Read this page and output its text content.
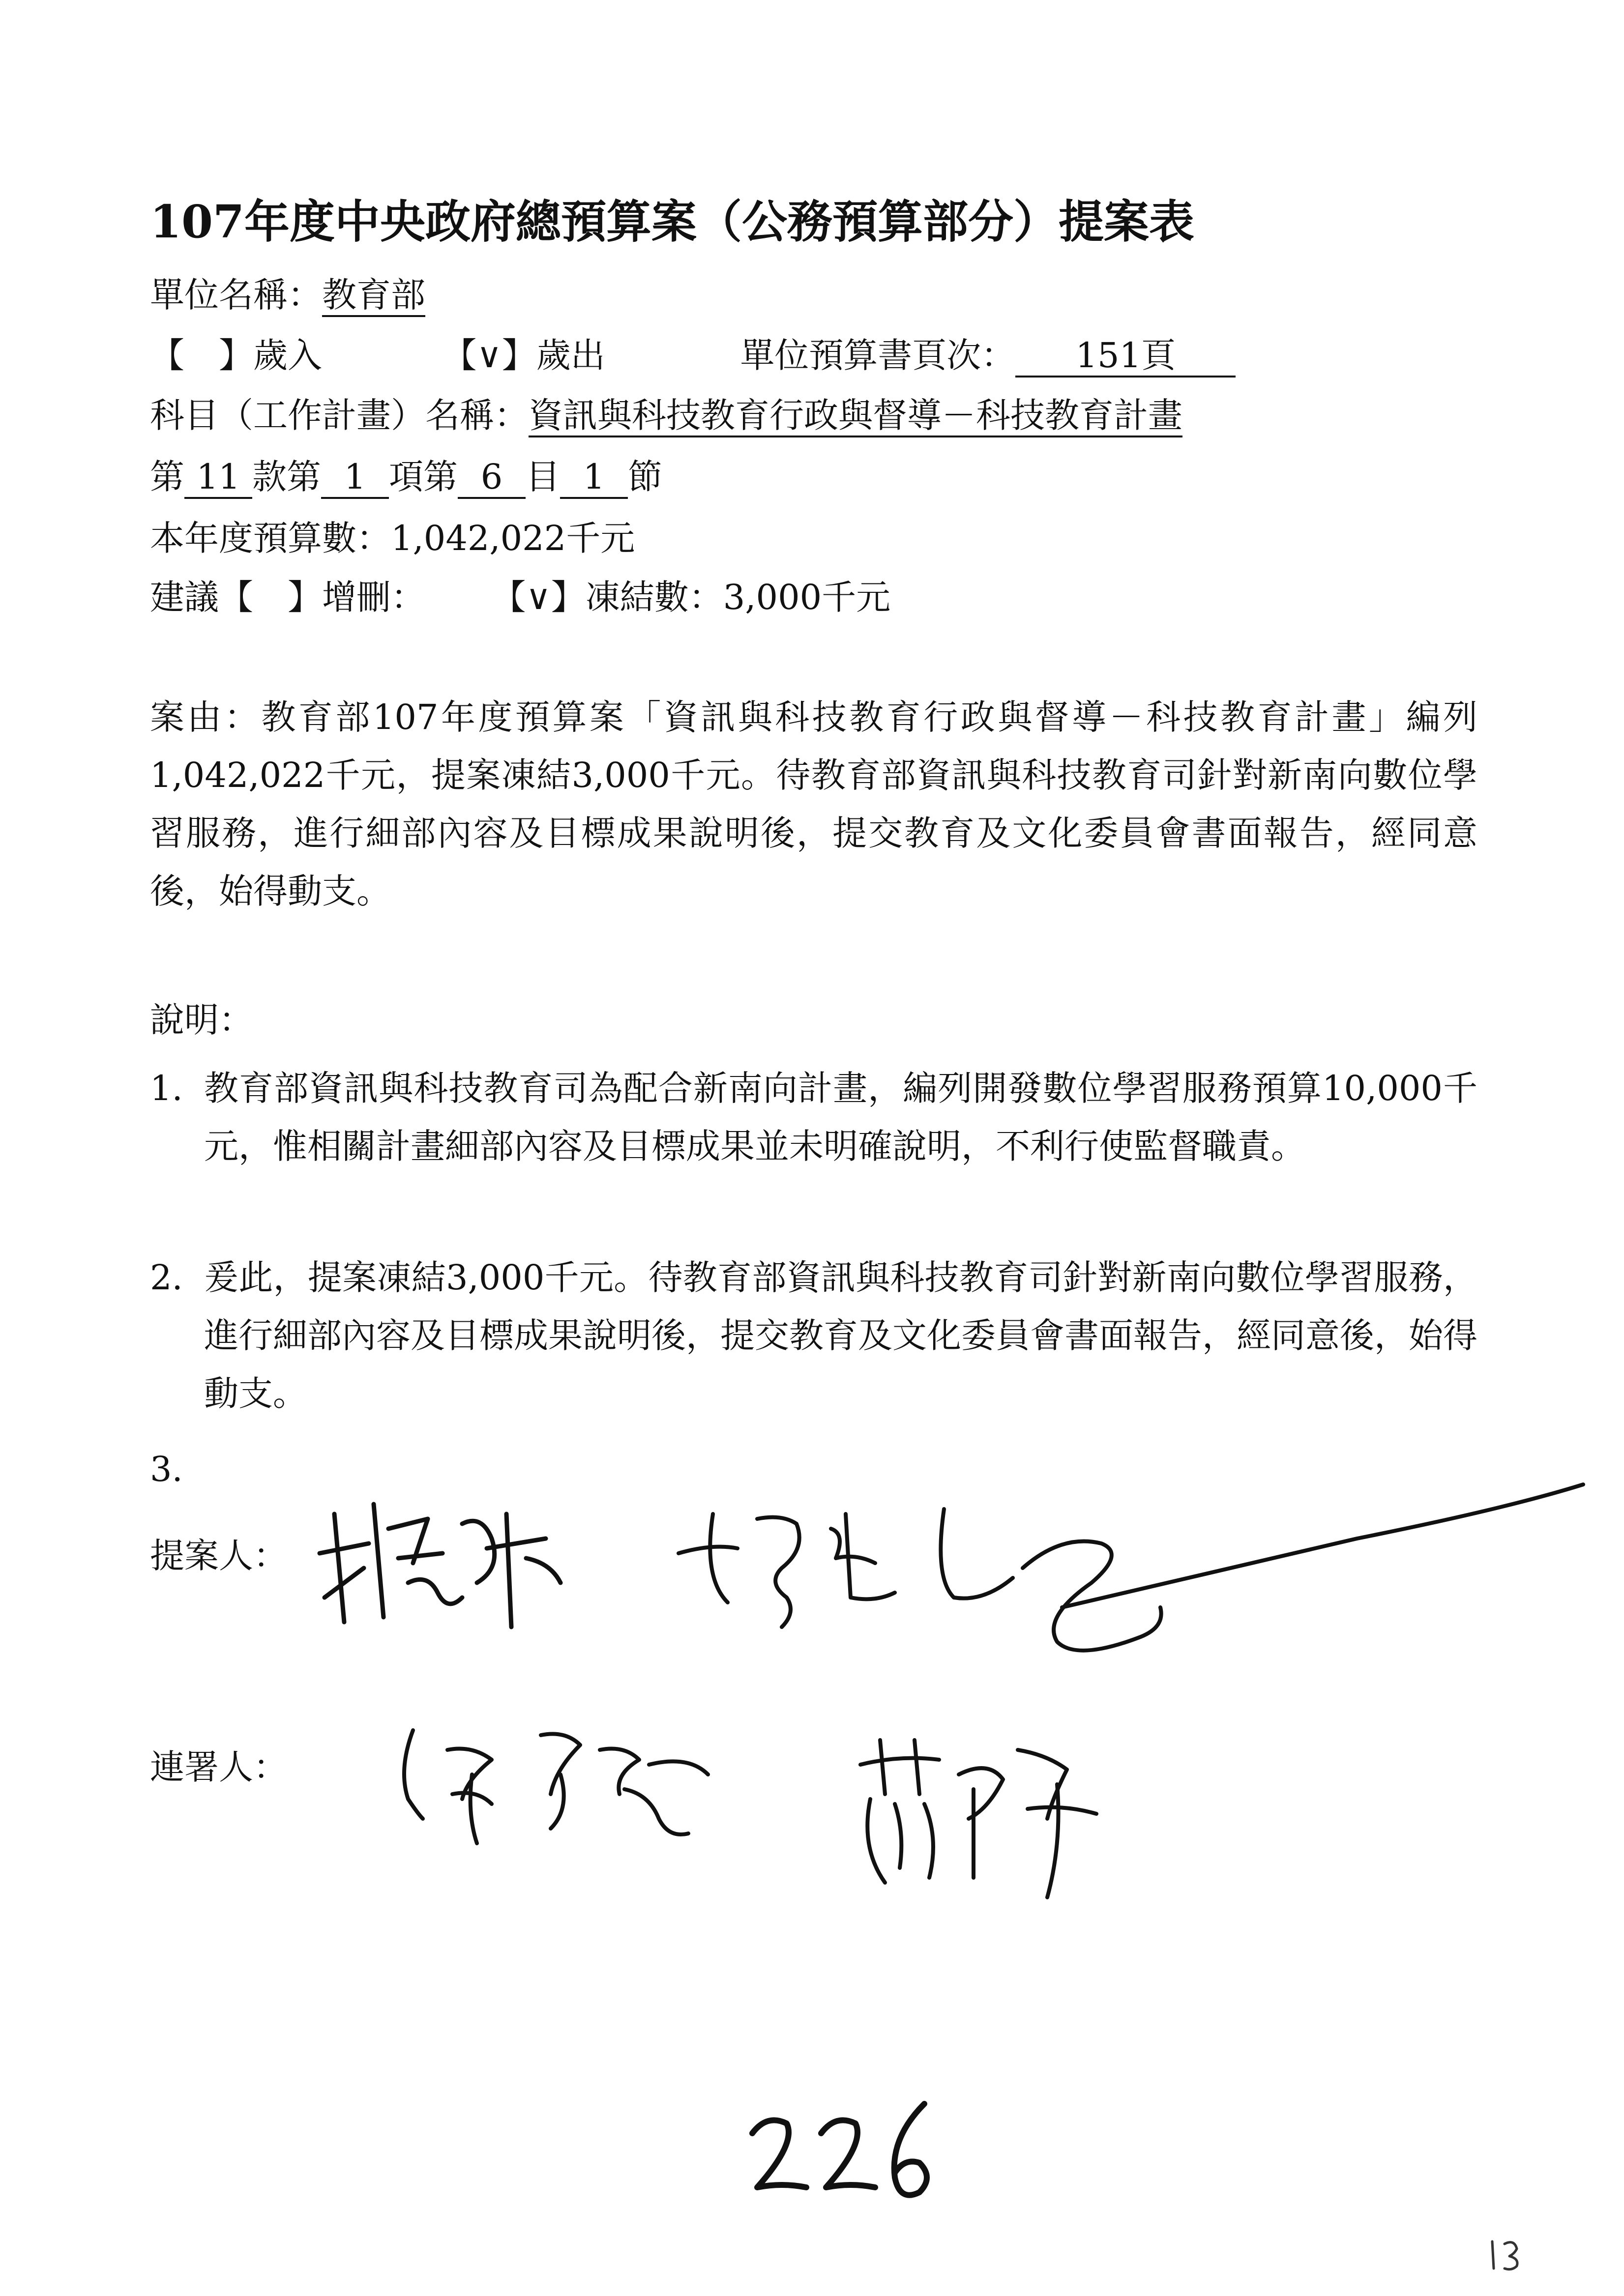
107年度中央政府總預算案（公務預算部分）提案表
單位名稱：教育部
【　】歲入	【∨】歲出	單位預算書頁次： 151頁
科目（工作計畫）名稱：資訊與科技教育行政與督導－科技教育計畫
第 11 款第 1 項第 6 目 1 節
本年度預算數：1,042,022千元
建議【　】增刪： 【∨】凍結數：3,000千元
案由：教育部107年度預算案「資訊與科技教育行政與督導－科技教育計畫」編列1,042,022千元，提案凍結3,000千元。待教育部資訊與科技教育司針對新南向數位學習服務，進行細部內容及目標成果說明後，提交教育及文化委員會書面報告，經同意後，始得動支。
說明：
1. 教育部資訊與科技教育司為配合新南向計畫，編列開發數位學習服務預算10,000千元，惟相關計畫細部內容及目標成果並未明確說明，不利行使監督職責。
2. 爰此，提案凍結3,000千元。待教育部資訊與科技教育司針對新南向數位學習服務，進行細部內容及目標成果說明後，提交教育及文化委員會書面報告，經同意後，始得動支。
3.
提案人：
連署人：
